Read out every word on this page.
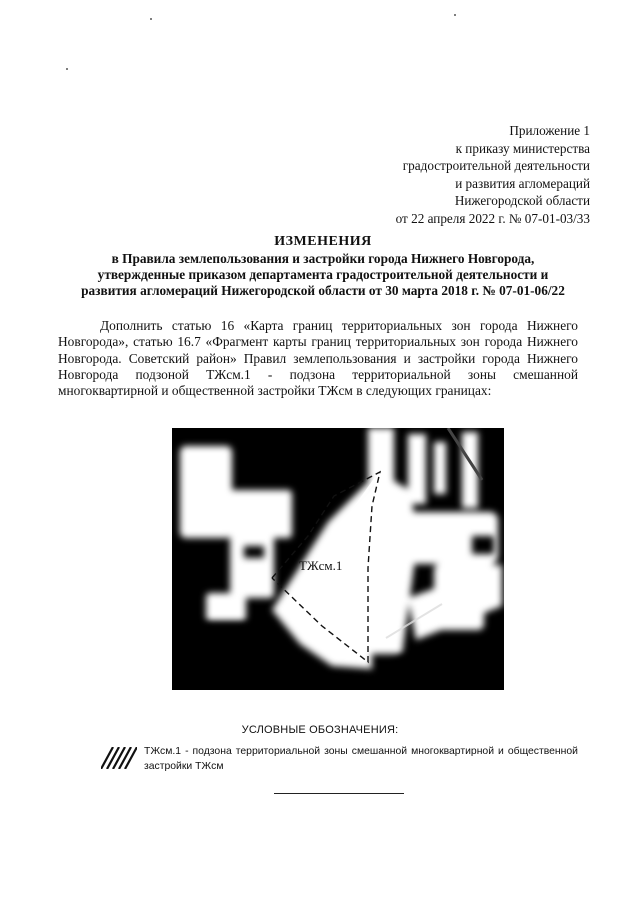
Приложение 1
к приказу министерства
градостроительной деятельности
и развития агломераций
Нижегородской области
от 22 апреля 2022 г. № 07-01-03/33
ИЗМЕНЕНИЯ
в Правила землепользования и застройки города Нижнего Новгорода,
утвержденные приказом департамента градостроительной деятельности и
развития агломераций Нижегородской области от 30 марта 2018 г. № 07-01-06/22
Дополнить статью 16 «Карта границ территориальных зон города Нижнего Новгорода», статью 16.7 «Фрагмент карты границ территориальных зон города Нижнего Новгорода. Советский район» Правил землепользования и застройки города Нижнего Новгорода подзоной ТЖсм.1 - подзона территориальной зоны смешанной многоквартирной и общественной застройки ТЖсм в следующих границах:
ТЖсм.1
УСЛОВНЫЕ ОБОЗНАЧЕНИЯ:
ТЖсм.1 - подзона территориальной зоны смешанной многоквартирной и общественной застройки ТЖсм
